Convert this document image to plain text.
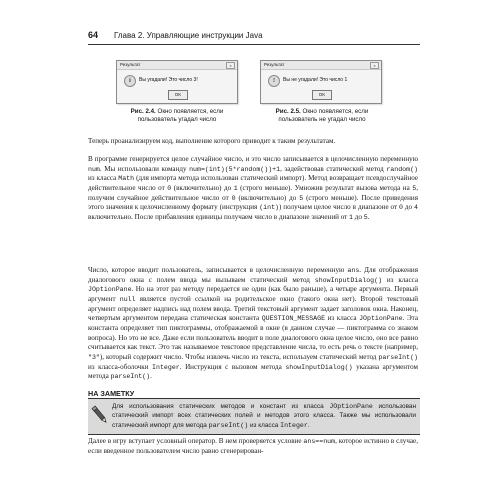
64 Глава 2. Управляющие инструкции Java
Результат	×
i	Вы угадали! Это число 3!
OK
Рис. 2.4. Окно появляется, если пользователь угадал число
Результат	×
!	Вы не угадали! Это число 1
OK
Рис. 2.5. Окно появляется, если пользователь не угадал число

Теперь проанализируем код, выполнение которого приводит к таким результатам.

В программе генерируется целое случайное число, и это число записывается в целочисленную переменную num. Мы использовали команду num=(int)(5*random())+1, задействовав статический метод random() из класса Math (для импорта метода использован статический импорт). Метод возвращает псевдослучайное действительное число от 0 (включительно) до 1 (строго меньше). Умножив результат вызова метода на 5, получим случайное действительное число от 0 (включительно) до 5 (строго меньше). После приведения этого значения к целочисленному формату (инструкция (int)) получаем целое число в диапазоне от 0 до 4 включительно. После прибавления единицы получаем число в диапазоне значений от 1 до 5.

Число, которое вводит пользователь, записывается в целочисленную переменную ans. Для отображения диалогового окна с полем ввода мы вызываем статический метод showInputDialog() из класса JOptionPane. Но на этот раз методу передается не один (как было раньше), а четыре аргумента. Первый аргумент null является пустой ссылкой на родительское окно (такого окна нет). Второй текстовый аргумент определяет надпись над полем ввода. Третий текстовый аргумент задает заголовок окна. Наконец, четвертым аргументом передана статическая константа QUESTION_MESSAGE из класса JOptionPane. Эта константа определяет тип пиктограммы, отображаемой в окне (в данном случае — пиктограмма со знаком вопроса). Но это не все. Даже если пользователь вводит в поле диалогового окна целое число, оно все равно считывается как текст. Это так называемое текстовое представление числа, то есть речь о тексте (например, "3"), который содержит число. Чтобы извлечь число из текста, используем статический метод parseInt() из класса-оболочки Integer. Инструкция с вызовом метода showInputDialog() указана аргументом метода parseInt().

НА ЗАМЕТКУ

Для использования статических методов и констант из класса JOptionPane использован статический импорт всех статических полей и методов этого класса. Также мы использовали статический импорт для метода parseInt() из класса Integer.

Далее в игру вступает условный оператор. В нем проверяется условие ans==num, которое истинно в случае, если введенное пользователем число равно сгенерирован-
